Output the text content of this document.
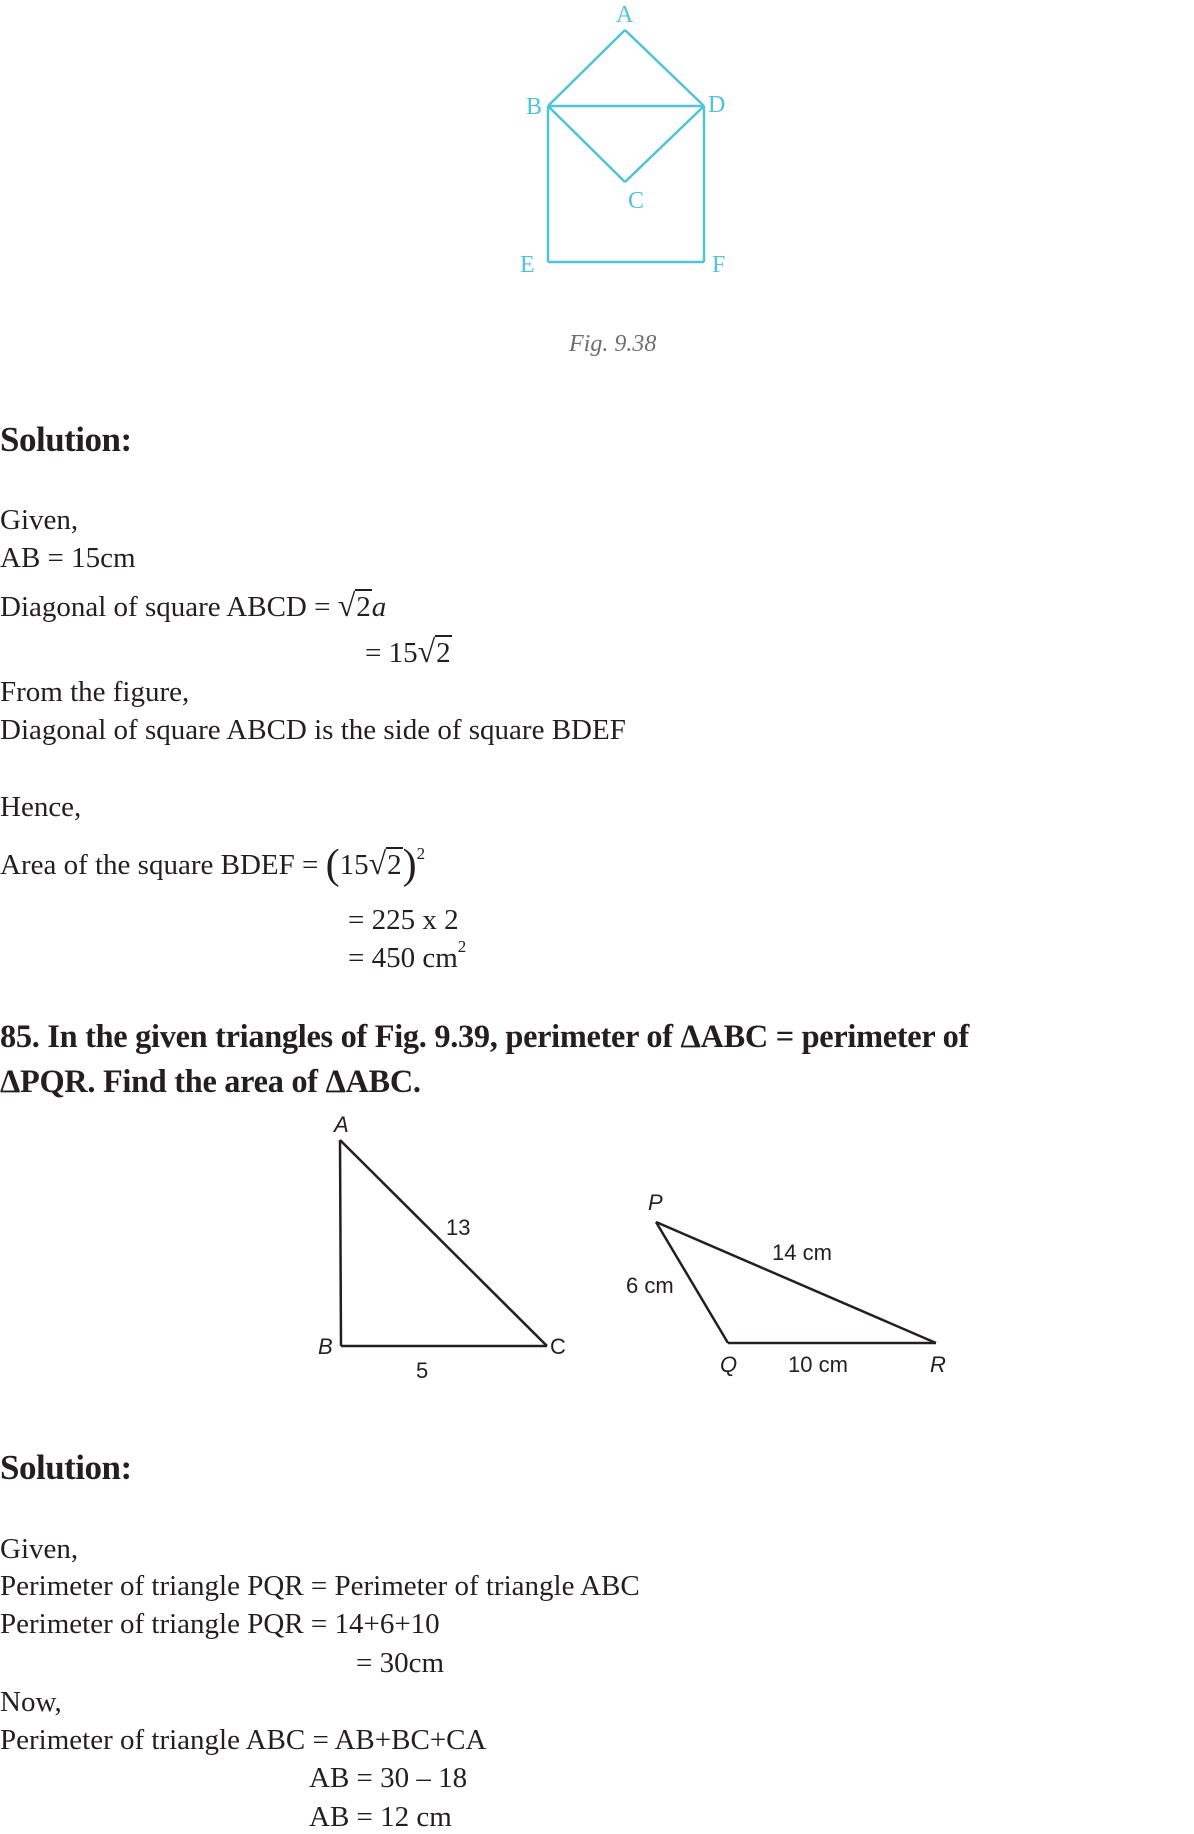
A
B	D
C
E	F
Fig. 9.38
Solution:
Given,
AB = 15cm
Diagonal of square ABCD = √2a
= 15√2
From the figure,
Diagonal of square ABCD is the side of square BDEF
Hence,
Area of the square BDEF = $(15√2)^2$
= 225 x 2
= 450 $cm^2$
85. In the given triangles of Fig. 9.39, perimeter of ΔABC = perimeter of
ΔPQR. Find the area of ΔABC.
A
B	C
13
5
P
Q	R
14 cm
6 cm
10 cm
Solution:
Given,
Perimeter of triangle PQR = Perimeter of triangle ABC
Perimeter of triangle PQR = 14+6+10
= 30cm
Now,
Perimeter of triangle ABC = AB+BC+CA
AB = 30 – 18
AB = 12 cm
